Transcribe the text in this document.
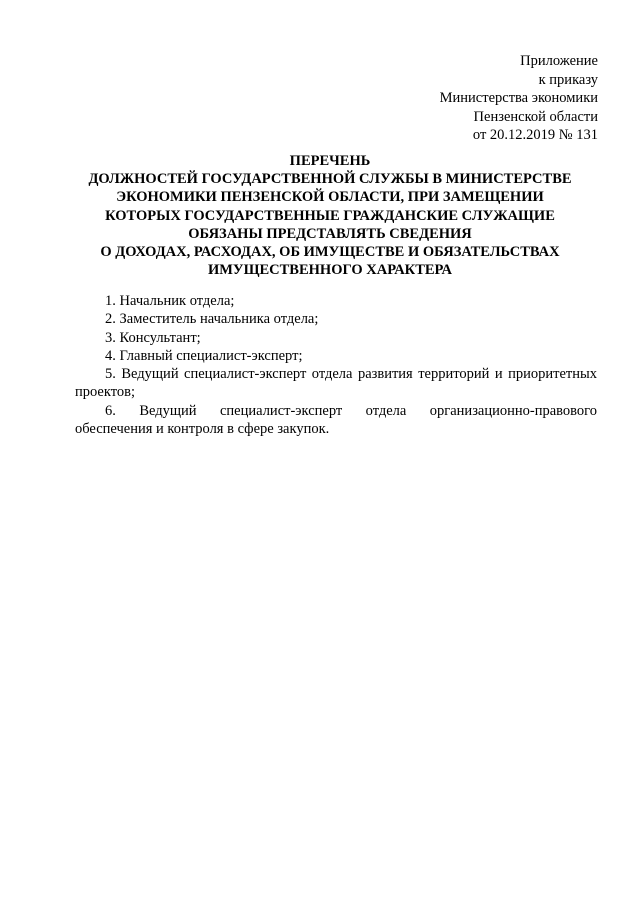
Приложение
к приказу
Министерства экономики
Пензенской области
от 20.12.2019 № 131
ПЕРЕЧЕНЬ
ДОЛЖНОСТЕЙ ГОСУДАРСТВЕННОЙ СЛУЖБЫ В МИНИСТЕРСТВЕ
ЭКОНОМИКИ ПЕНЗЕНСКОЙ ОБЛАСТИ, ПРИ ЗАМЕЩЕНИИ
КОТОРЫХ ГОСУДАРСТВЕННЫЕ ГРАЖДАНСКИЕ СЛУЖАЩИЕ
ОБЯЗАНЫ ПРЕДСТАВЛЯТЬ СВЕДЕНИЯ
О ДОХОДАХ, РАСХОДАХ, ОБ ИМУЩЕСТВЕ И ОБЯЗАТЕЛЬСТВАХ
ИМУЩЕСТВЕННОГО ХАРАКТЕРА
1. Начальник отдела;
2. Заместитель начальника отдела;
3. Консультант;
4. Главный специалист-эксперт;
5. Ведущий специалист-эксперт отдела развития территорий и приоритетных проектов;
6. Ведущий специалист-эксперт отдела организационно-правового обеспечения и контроля в сфере закупок.
